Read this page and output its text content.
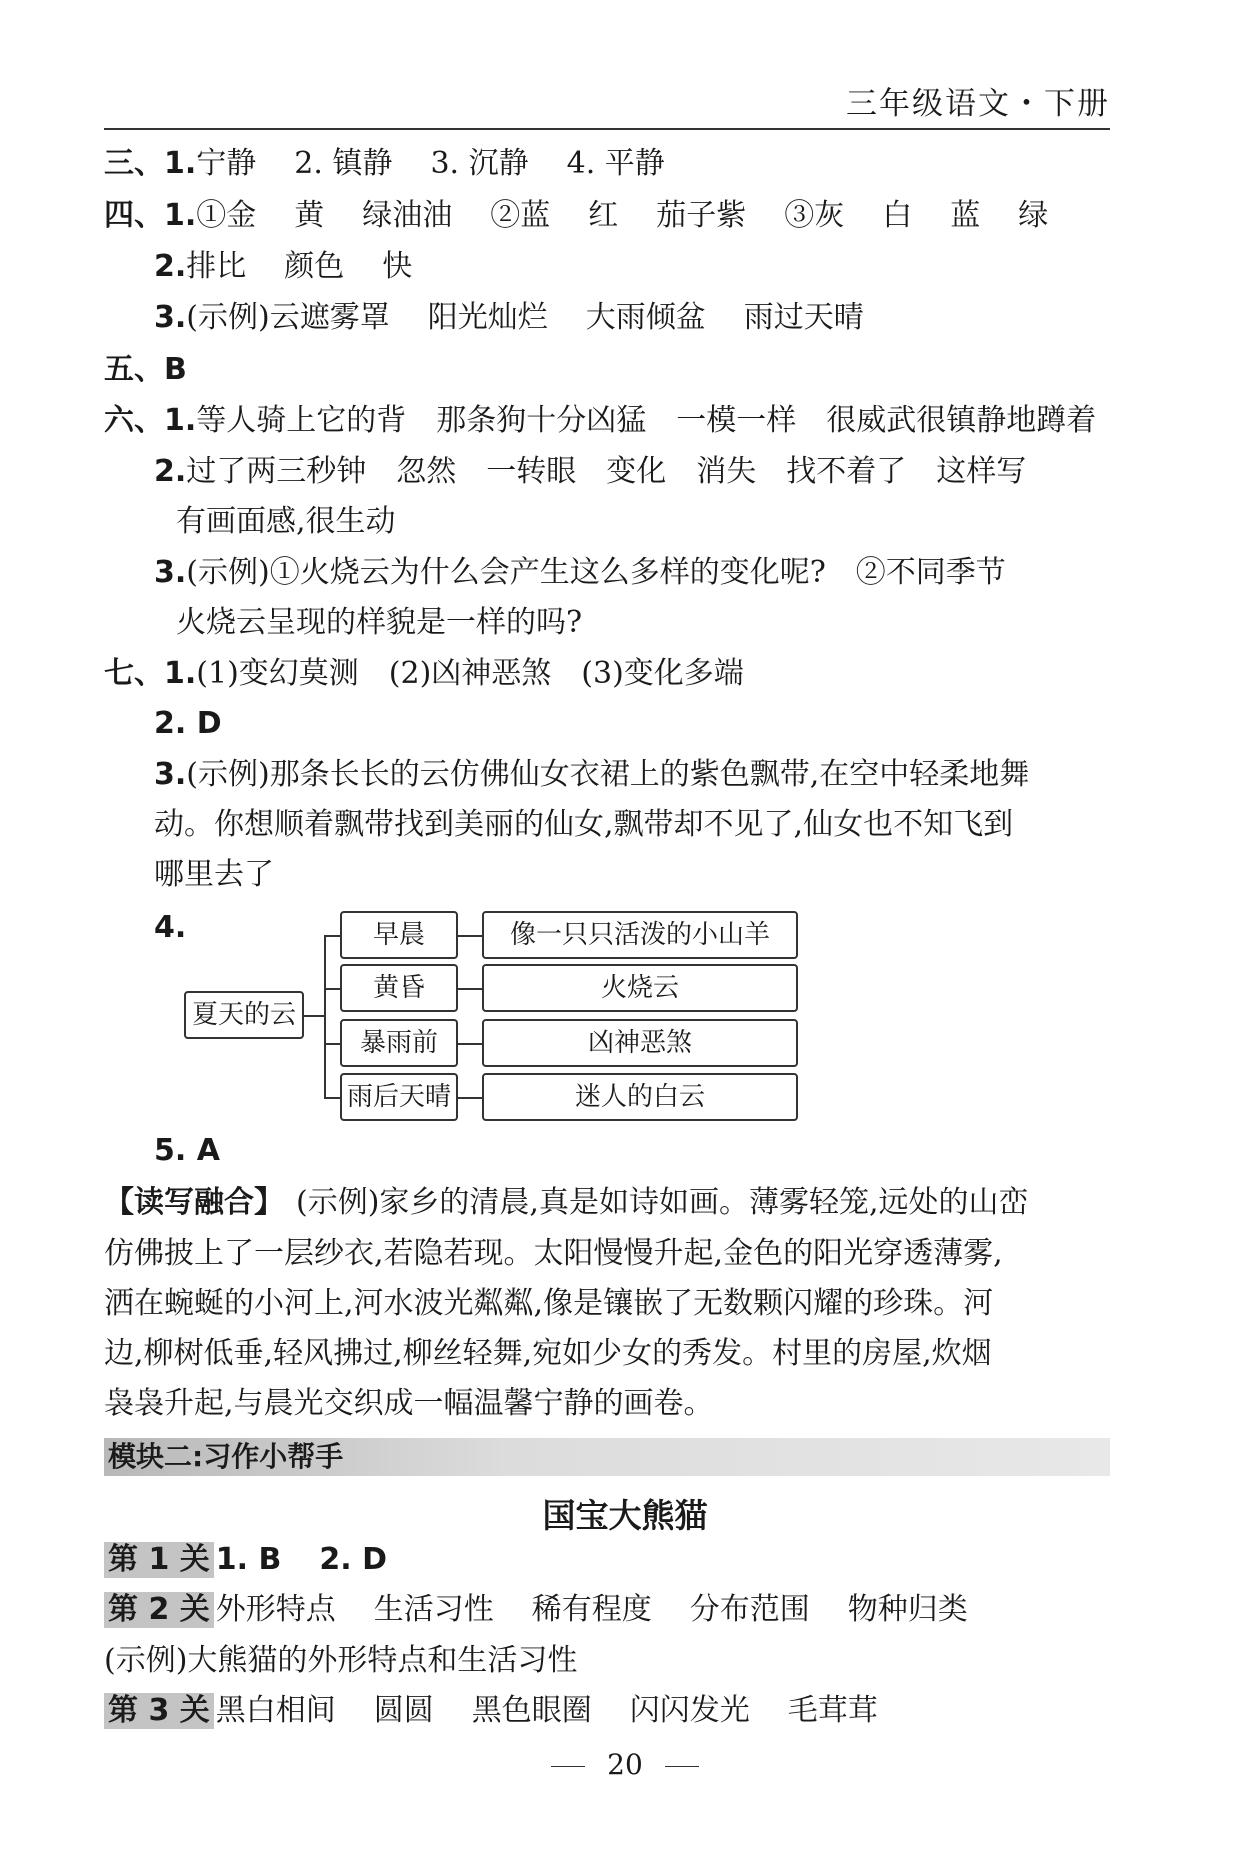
三年级语文・下册
三、1.宁静 2. 镇静 3. 沉静 4. 平静
四、1.①金 黄 绿油油 ②蓝 红 茄子紫 ③灰 白 蓝 绿
2.排比 颜色 快
3.(示例)云遮雾罩 阳光灿烂 大雨倾盆 雨过天晴
五、B
六、1.等人骑上它的背 那条狗十分凶猛 一模一样 很威武很镇静地蹲着
2.过了两三秒钟 忽然 一转眼 变化 消失 找不着了 这样写
有画面感,很生动
3.(示例)①火烧云为什么会产生这么多样的变化呢? ②不同季节
火烧云呈现的样貌是一样的吗?
七、1.(1)变幻莫测 (2)凶神恶煞 (3)变化多端
2. D
3.(示例)那条长长的云仿佛仙女衣裙上的紫色飘带,在空中轻柔地舞
动。你想顺着飘带找到美丽的仙女,飘带却不见了,仙女也不知飞到
哪里去了
4.
夏天的云
早晨	像一只只活泼的小山羊
黄昏	火烧云
暴雨前	凶神恶煞
雨后天晴	迷人的白云
5. A
【读写融合】 (示例)家乡的清晨,真是如诗如画。薄雾轻笼,远处的山峦
仿佛披上了一层纱衣,若隐若现。太阳慢慢升起,金色的阳光穿透薄雾,
洒在蜿蜒的小河上,河水波光粼粼,像是镶嵌了无数颗闪耀的珍珠。河
边,柳树低垂,轻风拂过,柳丝轻舞,宛如少女的秀发。村里的房屋,炊烟
袅袅升起,与晨光交织成一幅温馨宁静的画卷。
模块二:习作小帮手
国宝大熊猫
第 1 关 1. B 2. D
第 2 关 外形特点 生活习性 稀有程度 分布范围 物种归类
(示例)大熊猫的外形特点和生活习性
第 3 关 黑白相间 圆圆 黑色眼圈 闪闪发光 毛茸茸
20
